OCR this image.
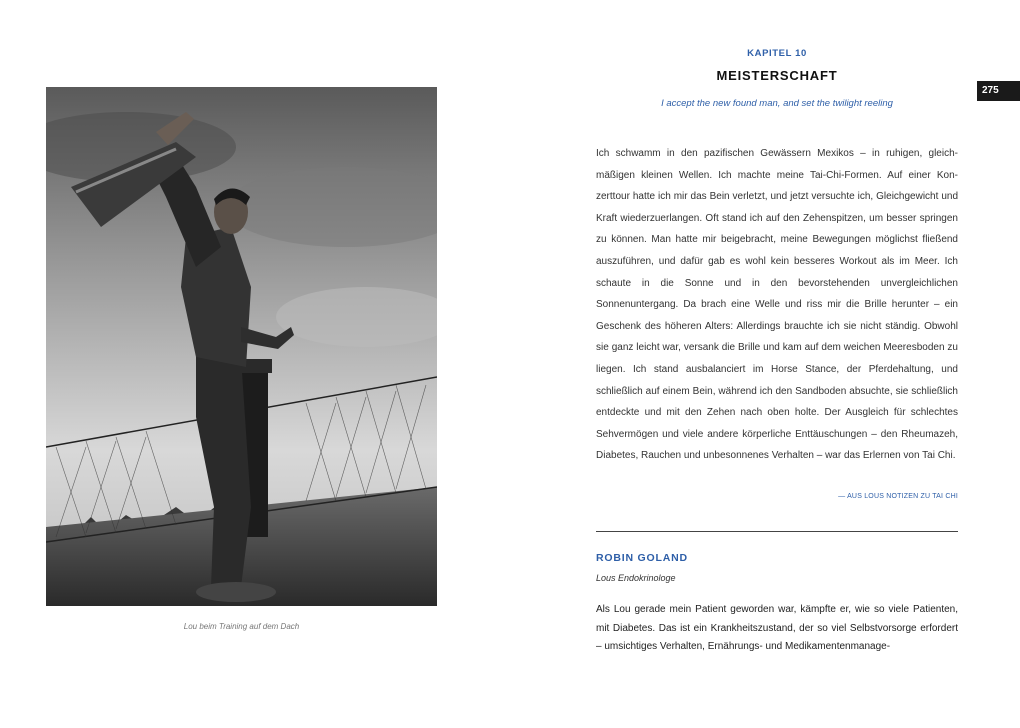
Lou beim Training auf dem Dach
275
KAPITEL 10
MEISTERSCHAFT
I accept the new found man, and set the twilight reeling

Ich schwamm in den pazifischen Gewässern Mexikos – in ruhigen, gleichmäßigen kleinen Wellen. Ich machte meine Tai-Chi-Formen. Auf einer Konzerttour hatte ich mir das Bein verletzt, und jetzt versuchte ich, Gleichgewicht und Kraft wiederzuerlangen. Oft stand ich auf den Zehenspitzen, um besser springen zu können. Man hatte mir beigebracht, meine Bewegungen möglichst fließend auszuführen, und dafür gab es wohl kein besseres Workout als im Meer. Ich schaute in die Sonne und in den bevorstehenden unvergleichlichen Sonnenuntergang. Da brach eine Welle und riss mir die Brille herunter – ein Geschenk des höheren Alters: Allerdings brauchte ich sie nicht ständig. Obwohl sie ganz leicht war, versank die Brille und kam auf dem weichen Meeresboden zu liegen. Ich stand ausbalanciert im Horse Stance, der Pferdehaltung, und schließlich auf einem Bein, während ich den Sandboden absuchte, sie schließlich entdeckte und mit den Zehen nach oben holte. Der Ausgleich für schlechtes Sehvermögen und viele andere körperliche Enttäuschungen – den Rheumazeh, Diabetes, Rauchen und unbesonnenes Verhalten – war das Erlernen von Tai Chi.

— AUS LOUS NOTIZEN ZU TAI CHI
ROBIN GOLAND
Lous Endokrinologe

Als Lou gerade mein Patient geworden war, kämpfte er, wie so viele Patienten, mit Diabetes. Das ist ein Krankheitszustand, der so viel Selbstvorsorge erfordert – umsichtiges Verhalten, Ernährungs- und Medikamentenmanage-
